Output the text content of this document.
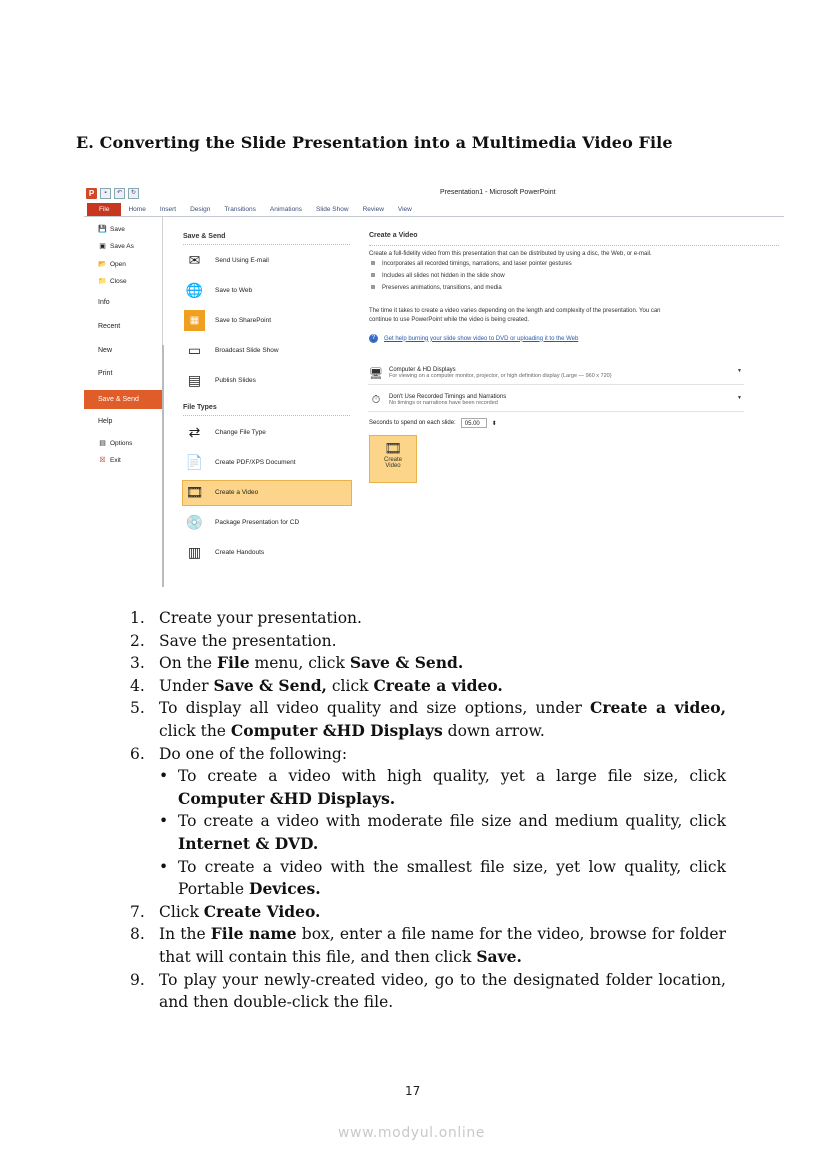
E. Converting the Slide Presentation into a Multimedia Video File
P	▪	↶	↻	Presentation1 - Microsoft PowerPoint
File	Home	Insert	Design	Transitions	Animations	Slide Show	Review	View
💾 Save
▣ Save As
📂 Open
📁 Close
Info
Recent
New
Print
Save & Send
Help
▤ Options
☒ Exit
Save & Send
✉	Send Using E-mail
🌐 Save to Web
▦	Save to SharePoint
▭	Broadcast Slide Show
▤	Publish Slides
File Types
⇄	Change File Type
📄 Create PDF/XPS Document
🎞 Create a Video
💿 Package Presentation for CD
▥	Create Handouts
Create a Video
Create a full-fidelity video from this presentation that can be distributed by using a disc, the Web, or e-mail.
Incorporates all recorded timings, narrations, and laser pointer gestures
Includes all slides not hidden in the slide show
Preserves animations, transitions, and media
The time it takes to create a video varies depending on the length and complexity of the presentation. You can
continue to use PowerPoint while the video is being created.
?	Get help burning your slide show video to DVD or uploading it to the Web
🖥 Computer & HD Displays
For viewing on a computer monitor, projector, or high definition display (Large — 960 x 720)
▼
⏱	Don't Use Recorded Timings and Narrations
No timings or narrations have been recorded
▼
Seconds to spend on each slide:	05.00	⬍
🎞
Create
Video
1. Create your presentation.
2. Save the presentation.
3. On the File menu, click Save & Send.
4. Under Save & Send, click Create a video.
5. To display all video quality and size options, under Create a video, click the Computer &HD Displays down arrow.
6. Do one of the following:
• To create a video with high quality, yet a large file size, click Computer &HD Displays.
• To create a video with moderate file size and medium quality, click Internet & DVD.
• To create a video with the smallest file size, yet low quality, click Portable Devices.
7. Click Create Video.
8. In the File name box, enter a file name for the video, browse for folder that will contain this file, and then click Save.
9. To play your newly-created video, go to the designated folder location, and then double-click the file.
17
www.modyul.online
